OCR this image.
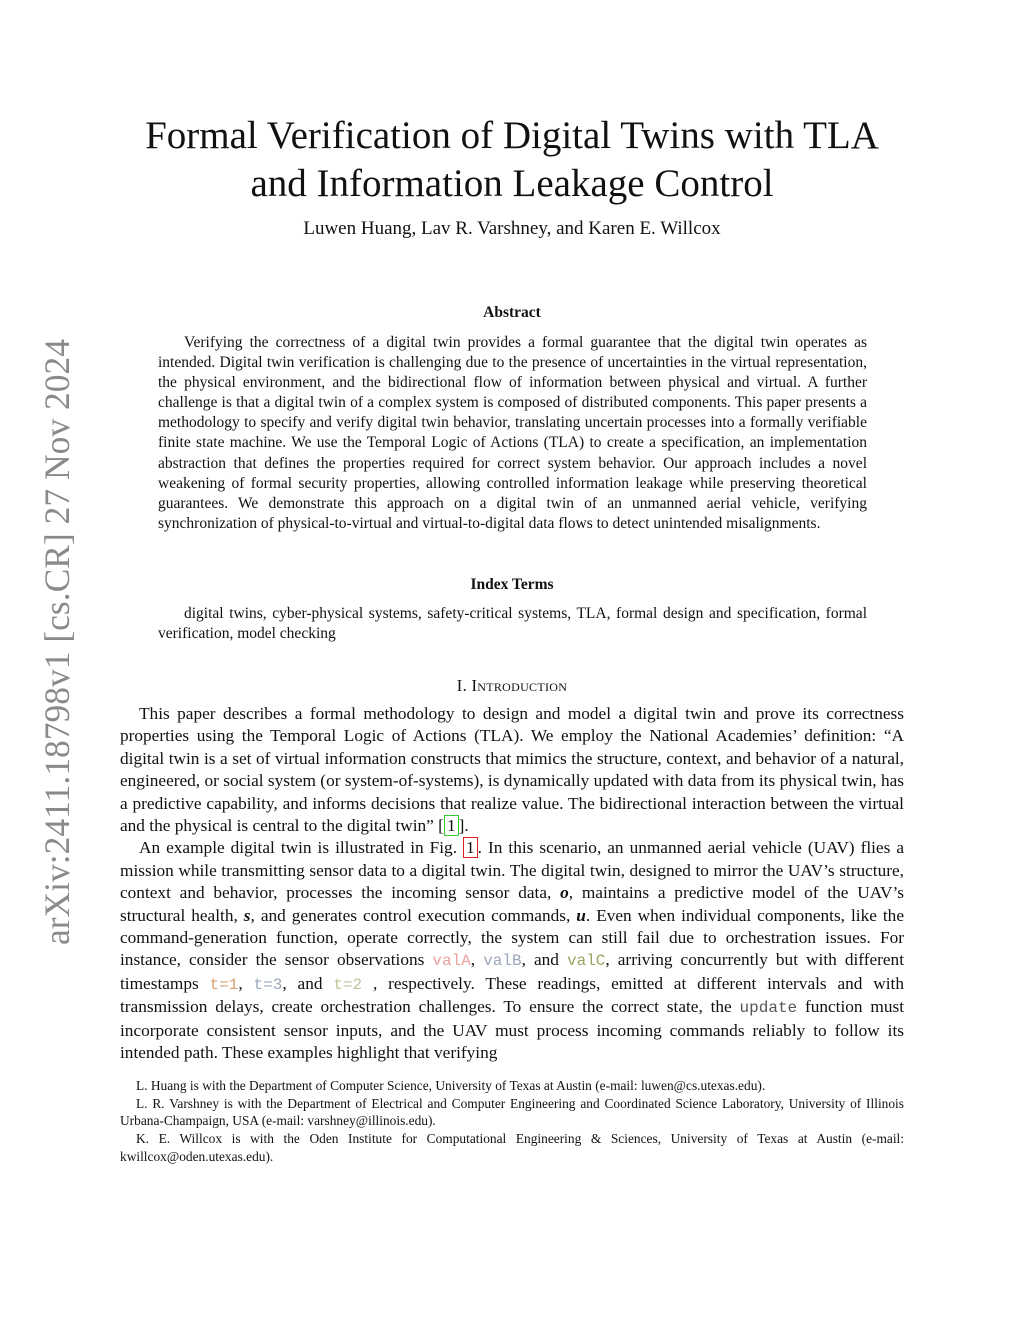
arXiv:2411.18798v1 [cs.CR] 27 Nov 2024
Formal Verification of Digital Twins with TLA
and Information Leakage Control
Luwen Huang, Lav R. Varshney, and Karen E. Willcox
Abstract

Verifying the correctness of a digital twin provides a formal guarantee that the digital twin operates as intended. Digital twin verification is challenging due to the presence of uncertainties in the virtual representation, the physical environment, and the bidirectional flow of information between physical and virtual. A further challenge is that a digital twin of a complex system is composed of distributed components. This paper presents a methodology to specify and verify digital twin behavior, translating uncertain processes into a formally verifiable finite state machine. We use the Temporal Logic of Actions (TLA) to create a specification, an implementation abstraction that defines the properties required for correct system behavior. Our approach includes a novel weakening of formal security properties, allowing controlled information leakage while preserving theoretical guarantees. We demonstrate this approach on a digital twin of an unmanned aerial vehicle, verifying synchronization of physical-to-virtual and virtual-to-digital data flows to detect unintended misalignments.

Index Terms

digital twins, cyber-physical systems, safety-critical systems, TLA, formal design and specification, formal verification, model checking

I. Introduction

This paper describes a formal methodology to design and model a digital twin and prove its correctness properties using the Temporal Logic of Actions (TLA). We employ the National Academies’ definition: “A digital twin is a set of virtual information constructs that mimics the structure, context, and behavior of a natural, engineered, or social system (or system-of-systems), is dynamically updated with data from its physical twin, has a predictive capability, and informs decisions that realize value. The bidirectional interaction between the virtual and the physical is central to the digital twin” [ 1 ].

An example digital twin is illustrated in Fig. 1 . In this scenario, an unmanned aerial vehicle (UAV) flies a mission while transmitting sensor data to a digital twin. The digital twin, designed to mirror the UAV’s structure, context and behavior, processes the incoming sensor data, o, maintains a predictive model of the UAV’s structural health, s, and generates control execution commands, u. Even when individual components, like the command-generation function, operate correctly, the system can still fail due to orchestration issues. For instance, consider the sensor observations valA, valB, and valC, arriving concurrently but with different timestamps t=1, t=3, and t=2 , respectively. These readings, emitted at different intervals and with transmission delays, create orchestration challenges. To ensure the correct state, the update function must incorporate consistent sensor inputs, and the UAV must process incoming commands reliably to follow its intended path. These examples highlight that verifying

L. Huang is with the Department of Computer Science, University of Texas at Austin (e-mail: luwen@cs.utexas.edu).

L. R. Varshney is with the Department of Electrical and Computer Engineering and Coordinated Science Laboratory, University of Illinois Urbana-Champaign, USA (e-mail: varshney@illinois.edu).

K. E. Willcox is with the Oden Institute for Computational Engineering & Sciences, University of Texas at Austin (e-mail: kwillcox@oden.utexas.edu).
